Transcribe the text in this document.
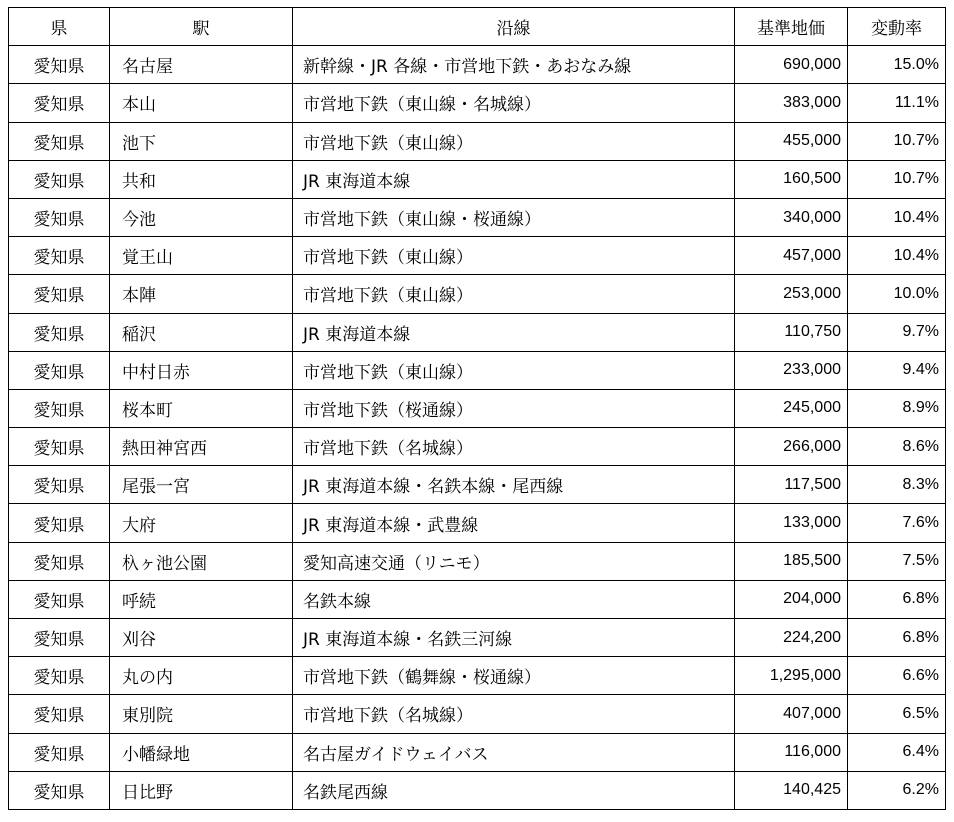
県	駅	沿線	基準地価	変動率
愛知県	名古屋	新幹線・JR 各線・市営地下鉄・あおなみ線	690,000	15.0%
愛知県	本山	市営地下鉄（東山線・名城線）	383,000	11.1%
愛知県	池下	市営地下鉄（東山線）	455,000	10.7%
愛知県	共和	JR 東海道本線	160,500	10.7%
愛知県	今池	市営地下鉄（東山線・桜通線）	340,000	10.4%
愛知県	覚王山	市営地下鉄（東山線）	457,000	10.4%
愛知県	本陣	市営地下鉄（東山線）	253,000	10.0%
愛知県	稲沢	JR 東海道本線	110,750	9.7%
愛知県	中村日赤	市営地下鉄（東山線）	233,000	9.4%
愛知県	桜本町	市営地下鉄（桜通線）	245,000	8.9%
愛知県	熱田神宮西	市営地下鉄（名城線）	266,000	8.6%
愛知県	尾張一宮	JR 東海道本線・名鉄本線・尾西線	117,500	8.3%
愛知県	大府	JR 東海道本線・武豊線	133,000	7.6%
愛知県	杁ヶ池公園	愛知高速交通（リニモ）	185,500	7.5%
愛知県	呼続	名鉄本線	204,000	6.8%
愛知県	刈谷	JR 東海道本線・名鉄三河線	224,200	6.8%
愛知県	丸の内	市営地下鉄（鶴舞線・桜通線）	1,295,000	6.6%
愛知県	東別院	市営地下鉄（名城線）	407,000	6.5%
愛知県	小幡緑地	名古屋ガイドウェイバス	116,000	6.4%
愛知県	日比野	名鉄尾西線	140,425	6.2%
